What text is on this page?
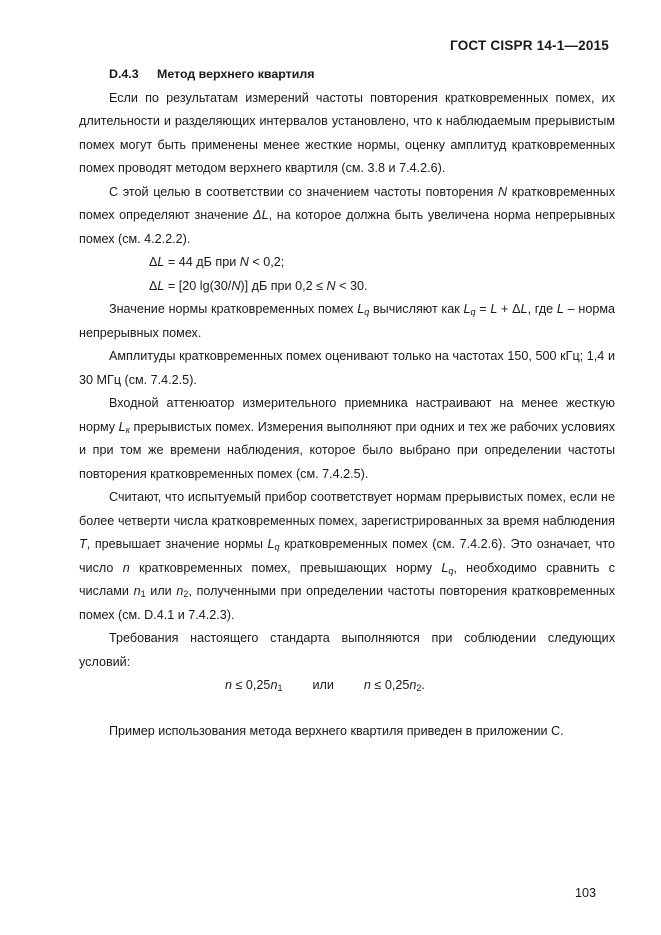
ГОСТ CISPR 14-1—2015
D.4.3 Метод верхнего квартиля

Если по результатам измерений частоты повторения кратковременных помех, их длительности и разделяющих интервалов установлено, что к наблюдаемым прерывистым помех могут быть применены менее жесткие нормы, оценку амплитуд кратковременных помех проводят методом верхнего квартиля (см. 3.8 и 7.4.2.6).

С этой целью в соответствии со значением частоты повторения N кратковременных помех определяют значение ΔL, на которое должна быть увеличена норма непрерывных помех (см. 4.2.2.2).

ΔL = 44 дБ при N < 0,2;
ΔL = [20 lg(30/N)] дБ при 0,2 ≤ N < 30.

Значение нормы кратковременных помех $L_q$ вычисляют как $L_q = L + \Delta L$, где L – норма непрерывных помех.

Амплитуды кратковременных помех оценивают только на частотах 150, 500 кГц; 1,4 и 30 МГц (см. 7.4.2.5).

Входной аттенюатор измерительного приемника настраивают на менее жесткую норму $L_к$ прерывистых помех. Измерения выполняют при одних и тех же рабочих условиях и при том же времени наблюдения, которое было выбрано при определении частоты повторения кратковременных помех (см. 7.4.2.5).

Считают, что испытуемый прибор соответствует нормам прерывистых помех, если не более четверти числа кратковременных помех, зарегистрированных за время наблюдения T, превышает значение нормы $L_q$ кратковременных помех (см. 7.4.2.6). Это означает, что число n кратковременных помех, превышающих норму $L_q$, необходимо сравнить с числами $n_1$ или $n_2$, полученными при определении частоты повторения кратковременных помех (см. D.4.1 и 7.4.2.3).

Требования настоящего стандарта выполняются при соблюдении следующих условий:

$n \le 0,25n_1$ или $n \le 0,25n_2$.

Пример использования метода верхнего квартиля приведен в приложении С.

103
